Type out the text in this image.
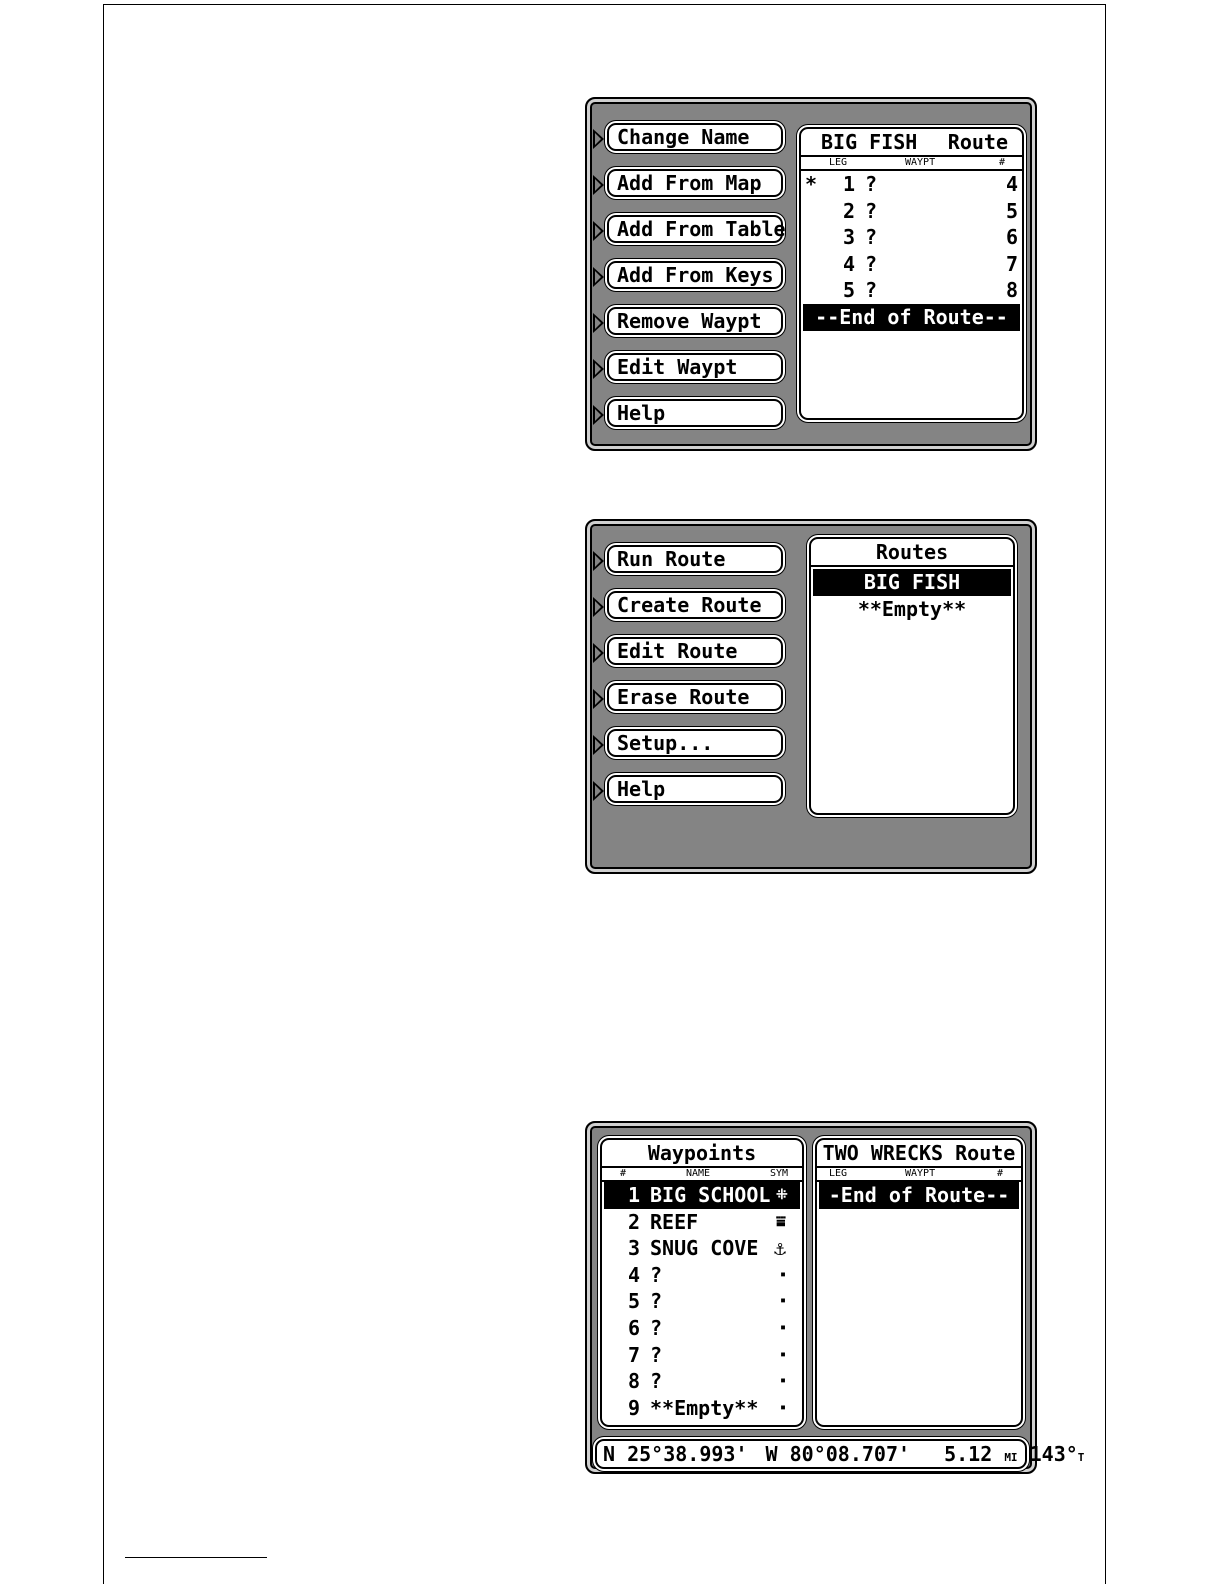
Change Name
Add From Map
Add From Table
Add From Keys
Remove Waypt
Edit Waypt
Help
BIG FISH Route
LEG	WAYPT	#
* 1 ?	4
2 ?	5
3 ?	6
4 ?	7
5 ?	8
--End of Route--
Run Route
Create Route
Edit Route
Erase Route
Setup...
Help
Routes
BIG FISH
**Empty**
Waypoints
#	NAME	SYM
1 BIG SCHOOL ⁜
2 REEF	⩸
3 SNUG COVE ⚓
4 ?	▪
5 ?	▪
6 ?	▪
7 ?	▪
8 ?	▪
9 **Empty** ▪
TWO WRECKS Route
LEG	WAYPT	#
-End of Route--
N 25°38.993' W 80°08.707' 5.12 MI 143°T
